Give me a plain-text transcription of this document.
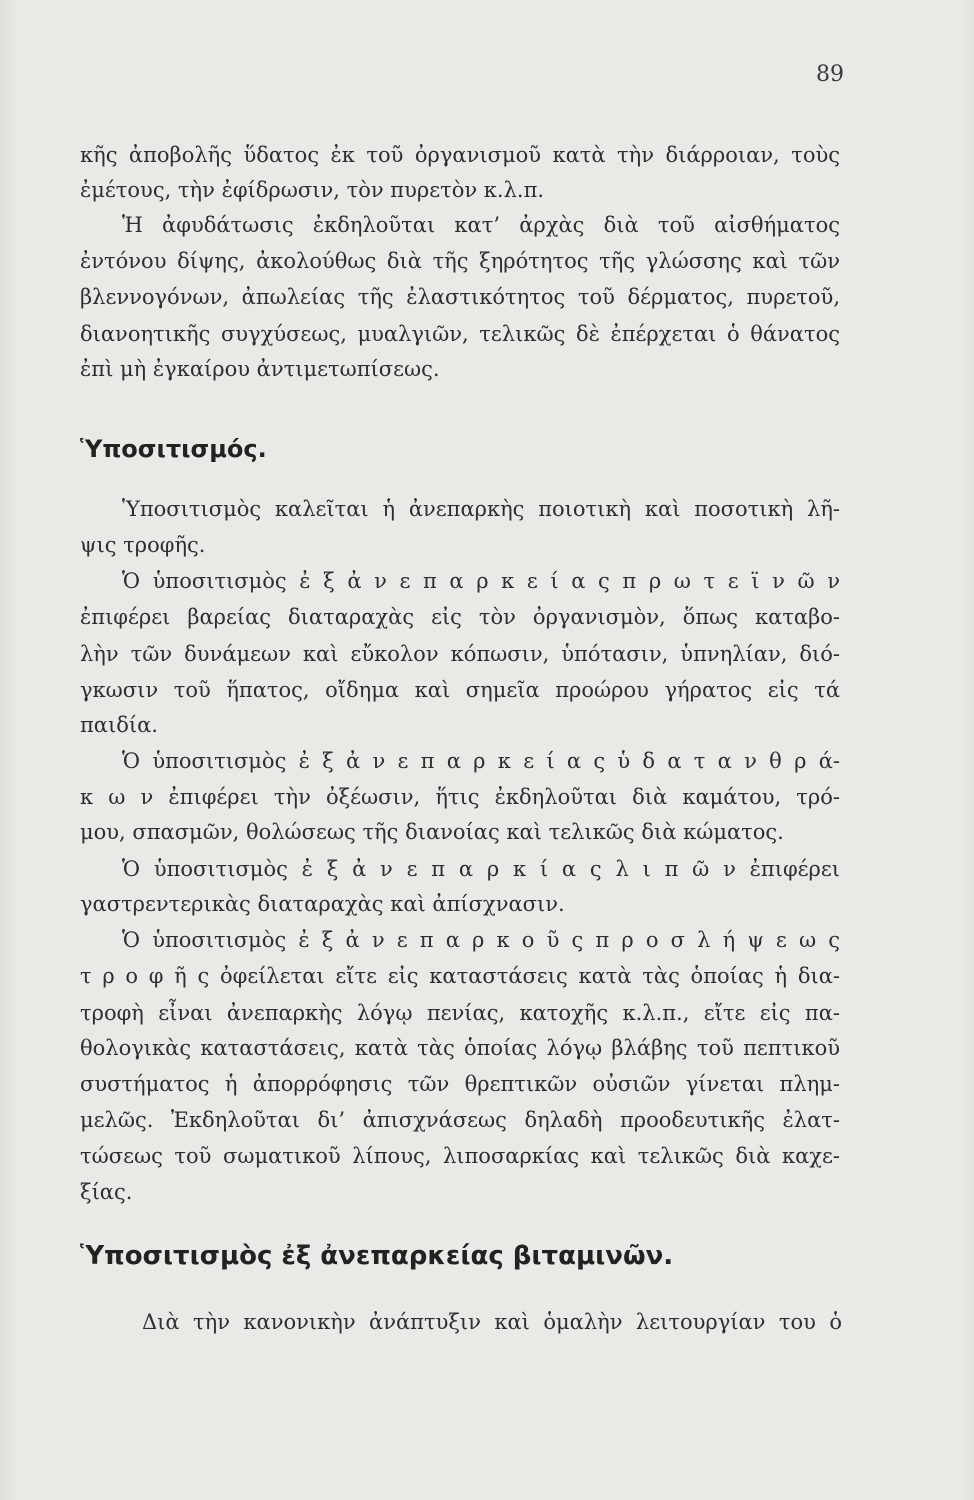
89
κῆς ἀποβολῆς ὕδατος ἐκ τοῦ ὀργανισμοῦ κατὰ τὴν διάρροιαν, τοὺς
ἐμέτους, τὴν ἐφίδρωσιν, τὸν πυρετὸν κ.λ.π.
Ἡ ἀφυδάτωσις ἐκδηλοῦται κατ’ ἀρχὰς διὰ τοῦ αἰσθήματος
ἐντόνου δίψης, ἀκολούθως διὰ τῆς ξηρότητος τῆς γλώσσης καὶ τῶν
βλεννογόνων, ἀπωλείας τῆς ἐλαστικότητος τοῦ δέρματος, πυρετοῦ,
διανοητικῆς συγχύσεως, μυαλγιῶν, τελικῶς δὲ ἐπέρχεται ὁ θάνατος
ἐπὶ μὴ ἐγκαίρου ἀντιμετωπίσεως.
Ὑποσιτισμός.
Ὑποσιτισμὸς καλεῖται ἡ ἀνεπαρκὴς ποιοτικὴ καὶ ποσοτικὴ λῆ-
ψις τροφῆς.
Ὁ ὑποσιτισμὸς ἐ ξ ἀ ν ε π α ρ κ ε ί α ς π ρ ω τ ε ϊ ν ῶ ν
ἐπιφέρει βαρείας διαταραχὰς εἰς τὸν ὀργανισμὸν, ὅπως καταβο-
λὴν τῶν δυνάμεων καὶ εὔκολον κόπωσιν, ὑπότασιν, ὑπνηλίαν, διό-
γκωσιν τοῦ ἥπατος, οἴδημα καὶ σημεῖα προώρου γήρατος εἰς τά
παιδία.
Ὁ ὑποσιτισμὸς ἐ ξ ἀ ν ε π α ρ κ ε ί α ς ὑ δ α τ α ν θ ρ ά-
κ ω ν ἐπιφέρει τὴν ὀξέωσιν, ἥτις ἐκδηλοῦται διὰ καμάτου, τρό-
μου, σπασμῶν, θολώσεως τῆς διανοίας καὶ τελικῶς διὰ κώματος.
Ὁ ὑποσιτισμὸς ἐ ξ ἀ ν ε π α ρ κ ί α ς λ ι π ῶ ν ἐπιφέρει
γαστρεντερικὰς διαταραχὰς καὶ ἀπίσχνασιν.
Ὁ ὑποσιτισμὸς ἐ ξ ἀ ν ε π α ρ κ ο ῦ ς π ρ ο σ λ ή ψ ε ω ς
τ ρ ο φ ῆ ς ὀφείλεται εἴτε εἰς καταστάσεις κατὰ τὰς ὁποίας ἡ δια-
τροφὴ εἶναι ἀνεπαρκὴς λόγῳ πενίας, κατοχῆς κ.λ.π., εἴτε εἰς πα-
θολογικὰς καταστάσεις, κατὰ τὰς ὁποίας λόγῳ βλάβης τοῦ πεπτικοῦ
συστήματος ἡ ἀπορρόφησις τῶν θρεπτικῶν οὐσιῶν γίνεται πλημ-
μελῶς. Ἐκδηλοῦται δι’ ἀπισχνάσεως δηλαδὴ προοδευτικῆς ἐλατ-
τώσεως τοῦ σωματικοῦ λίπους, λιποσαρκίας καὶ τελικῶς διὰ καχε-
ξίας.
Ὑποσιτισμὸς ἐξ ἀνεπαρκείας βιταμινῶν.
Διὰ τὴν κανονικὴν ἀνάπτυξιν καὶ ὁμαλὴν λειτουργίαν του ὁ
